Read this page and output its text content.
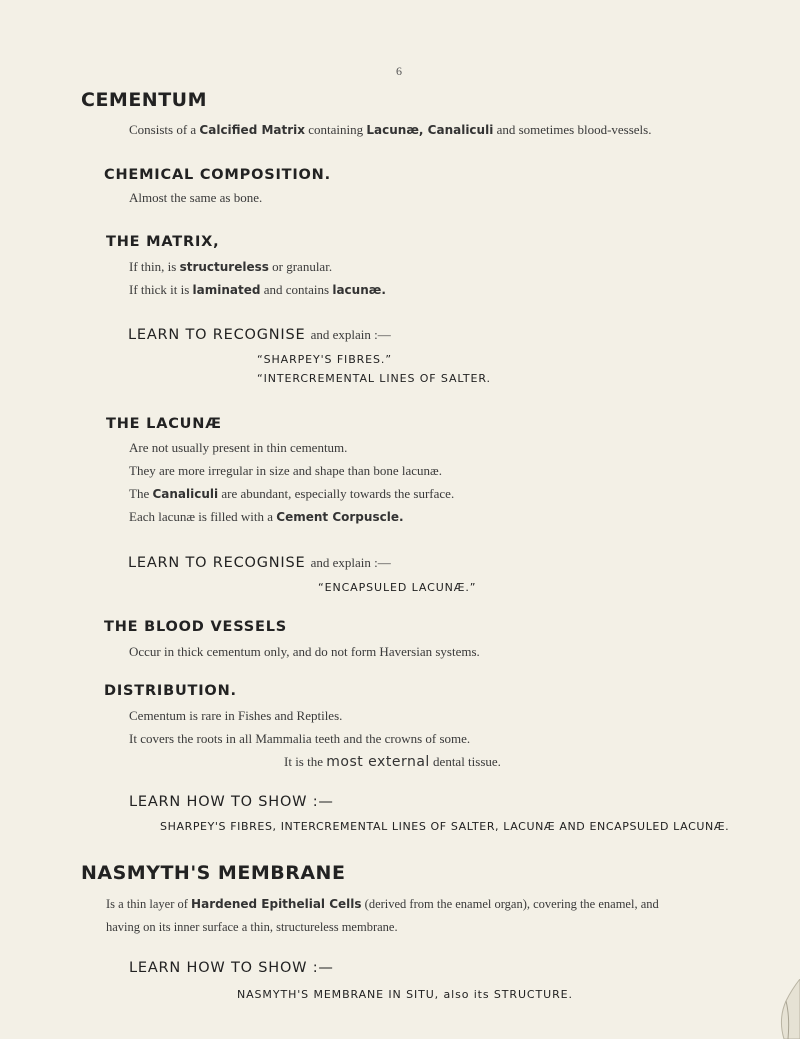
6
CEMENTUM
Consists of a Calcified Matrix containing Lacunæ, Canaliculi and sometimes blood-vessels.
CHEMICAL COMPOSITION.
Almost the same as bone.
THE MATRIX,
If thin, is structureless or granular.
If thick it is laminated and contains lacunæ.
LEARN TO RECOGNISE and explain :—
“SHARPEY'S FIBRES.”
“INTERCREMENTAL LINES OF SALTER.
THE LACUNÆ
Are not usually present in thin cementum.
They are more irregular in size and shape than bone lacunæ.
The Canaliculi are abundant, especially towards the surface.
Each lacunæ is filled with a Cement Corpuscle.
LEARN TO RECOGNISE and explain :—
“ENCAPSULED LACUNÆ.”
THE BLOOD VESSELS
Occur in thick cementum only, and do not form Haversian systems.
DISTRIBUTION.
Cementum is rare in Fishes and Reptiles.
It covers the roots in all Mammalia teeth and the crowns of some.
It is the most external dental tissue.
LEARN HOW TO SHOW :—
SHARPEY'S FIBRES, INTERCREMENTAL LINES OF SALTER, LACUNÆ AND ENCAPSULED LACUNÆ.
NASMYTH'S MEMBRANE
Is a thin layer of Hardened Epithelial Cells (derived from the enamel organ), covering the enamel, and
having on its inner surface a thin, structureless membrane.
LEARN HOW TO SHOW :—
NASMYTH'S MEMBRANE IN SITU, also its STRUCTURE.
